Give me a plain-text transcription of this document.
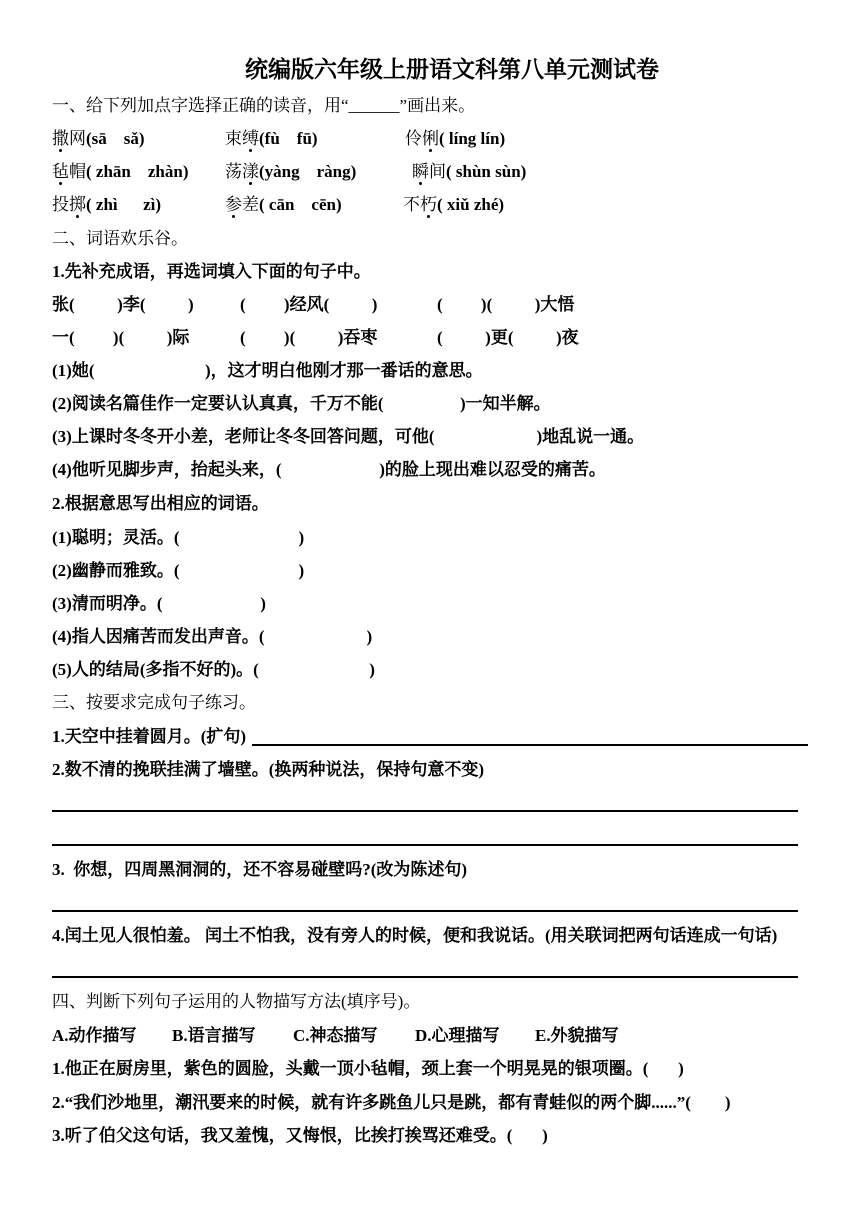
统编版六年级上册语文科第八单元测试卷
一、给下列加点字选择正确的读音，用“______”画出来。
撒网(sā    sǎ)	束缚(fù    fū)	伶俐( líng lín)
毡帽( zhān    zhàn) 荡漾(yàng    ràng)	瞬间( shùn sùn)
投掷( zhì      zì)	参差( cān    cēn)	不朽( xiǔ zhé)
二、词语欢乐谷。
1.先补充成语，再选词填入下面的句子中。
张(          )李(          )	(         )经风(          )	(         )(          )大悟
一(         )(          )际	(         )(          )吞枣	(          )更(          )夜
(1)她(                          )，这才明白他刚才那一番话的意思。
(2)阅读名篇佳作一定要认认真真，千万不能(                  )一知半解。
(3)上课时冬冬开小差，老师让冬冬回答问题，可他(                        )地乱说一通。
(4)他听见脚步声，抬起头来，(                       )的脸上现出难以忍受的痛苦。
2.根据意思写出相应的词语。
(1)聪明；灵活。(                            )
(2)幽静而雅致。(                            )
(3)清而明净。(                       )
(4)指人因痛苦而发出声音。(                        )
(5)人的结局(多指不好的)。(                          )
三、按要求完成句子练习。
1.天空中挂着圆月。(扩句)
2.数不清的挽联挂满了墙壁。(换两种说法，保持句意不变)
3.  你想，四周黑洞洞的，还不容易碰壁吗?(改为陈述句)
4.闰土见人很怕羞。 闰土不怕我，没有旁人的时候，便和我说话。(用关联词把两句话连成一句话)
四、判断下列句子运用的人物描写方法(填序号)。
A.动作描写 B.语言描写 C.神态描写 D.心理描写 E.外貌描写
1.他正在厨房里，紫色的圆脸，头戴一顶小毡帽，颈上套一个明晃晃的银项圈。(       )
2.“我们沙地里，潮汛要来的时候，就有许多跳鱼儿只是跳，都有青蛙似的两个脚......”(        )
3.听了伯父这句话，我又羞愧，又悔恨，比挨打挨骂还难受。(       )
